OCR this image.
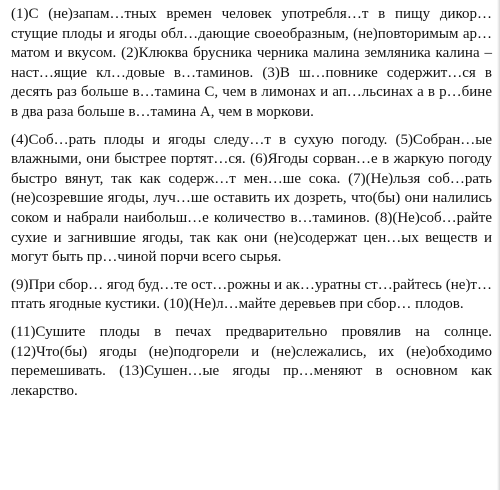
(1)С (не)запам…тных времен человек употребля…т в пищу дикор…стущие плоды и ягоды обл…дающие своеобразным, (не)повторимым ар…матом и вкусом. (2)Клюква брусника черника малина земляника калина – наст…ящие кл…довые в…таминов. (3)В ш…повнике содержит…ся в десять раз больше в…тамина С, чем в лимонах и ап…льсинах а в р…бине в два раза больше в…тамина А, чем в моркови.

(4)Соб…рать плоды и ягоды следу…т в сухую погоду. (5)Собран…ые влажными, они быстрее портят…ся. (6)Ягоды сорван…е в жаркую погоду быстро вянут, так как содерж…т мен…ше сока. (7)(Не)льзя соб…рать (не)созревшие ягоды, луч…ше оставить их дозреть, что(бы) они налились соком и набрали наибольш…е количество в…таминов. (8)(Не)соб…райте сухие и загнившие ягоды, так как они (не)содержат цен…ых веществ и могут быть пр…чиной порчи всего сырья.

(9)При сбор… ягод буд…те ост…рожны и ак…уратны ст…райтесь (не)т…птать ягодные кустики. (10)(Не)л…майте деревьев при сбор… плодов.

(11)Сушите плоды в печах предварительно провялив на солнце. (12)Что(бы) ягоды (не)подгорели и (не)слежались, их (не)обходимо перемешивать. (13)Сушен…ые ягоды пр…меняют в основном как лекарство.
